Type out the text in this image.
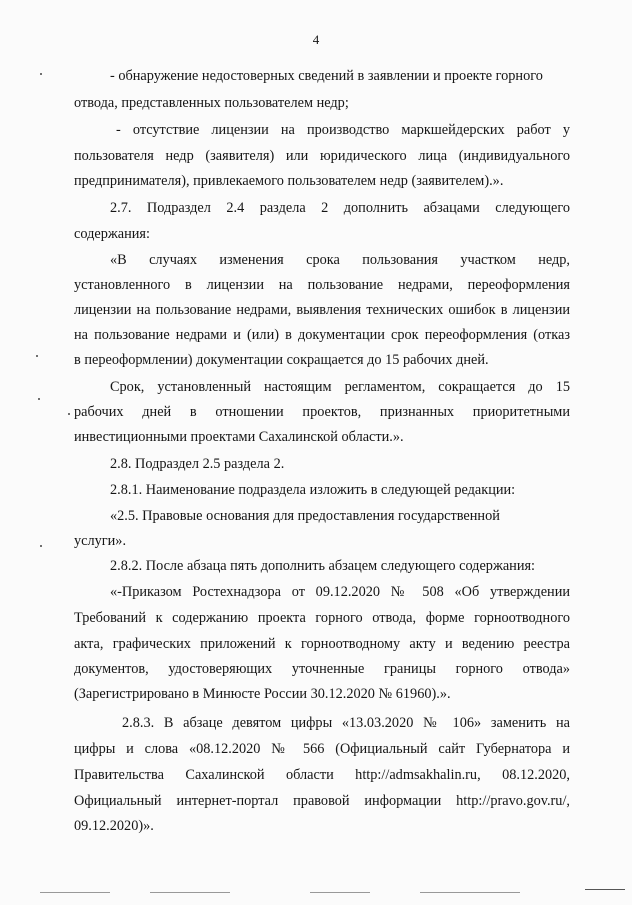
4
- обнаружение недостоверных сведений в заявлении и проекте горного
отвода, представленных пользователем недр;
- отсутствие лицензии на производство маркшейдерских работ у
пользователя недр (заявителя) или юридического лица (индивидуального
предпринимателя), привлекаемого пользователем недр (заявителем).».
2.7. Подраздел 2.4 раздела 2 дополнить абзацами следующего
содержания:
«В случаях изменения срока пользования участком недр,
установленного в лицензии на пользование недрами, переоформления
лицензии на пользование недрами, выявления технических ошибок в лицензии
на пользование недрами и (или) в документации срок переоформления (отказ
в переоформлении) документации сокращается до 15 рабочих дней.
Срок, установленный настоящим регламентом, сокращается до 15
рабочих дней в отношении проектов, признанных приоритетными
инвестиционными проектами Сахалинской области.».
2.8. Подраздел 2.5 раздела 2.
2.8.1. Наименование подраздела изложить в следующей редакции:
«2.5. Правовые основания для предоставления государственной
услуги».
2.8.2. После абзаца пять дополнить абзацем следующего содержания:
«-Приказом Ростехнадзора от 09.12.2020 № 508 «Об утверждении
Требований к содержанию проекта горного отвода, форме горноотводного
акта, графических приложений к горноотводному акту и ведению реестра
документов, удостоверяющих уточненные границы горного отвода»
(Зарегистрировано в Минюсте России 30.12.2020 № 61960).».
2.8.3. В абзаце девятом цифры «13.03.2020 № 106» заменить на
цифры и слова «08.12.2020 № 566 (Официальный сайт Губернатора и
Правительства Сахалинской области http://admsakhalin.ru, 08.12.2020,
Официальный интернет-портал правовой информации http://pravo.gov.ru/,
09.12.2020)».
